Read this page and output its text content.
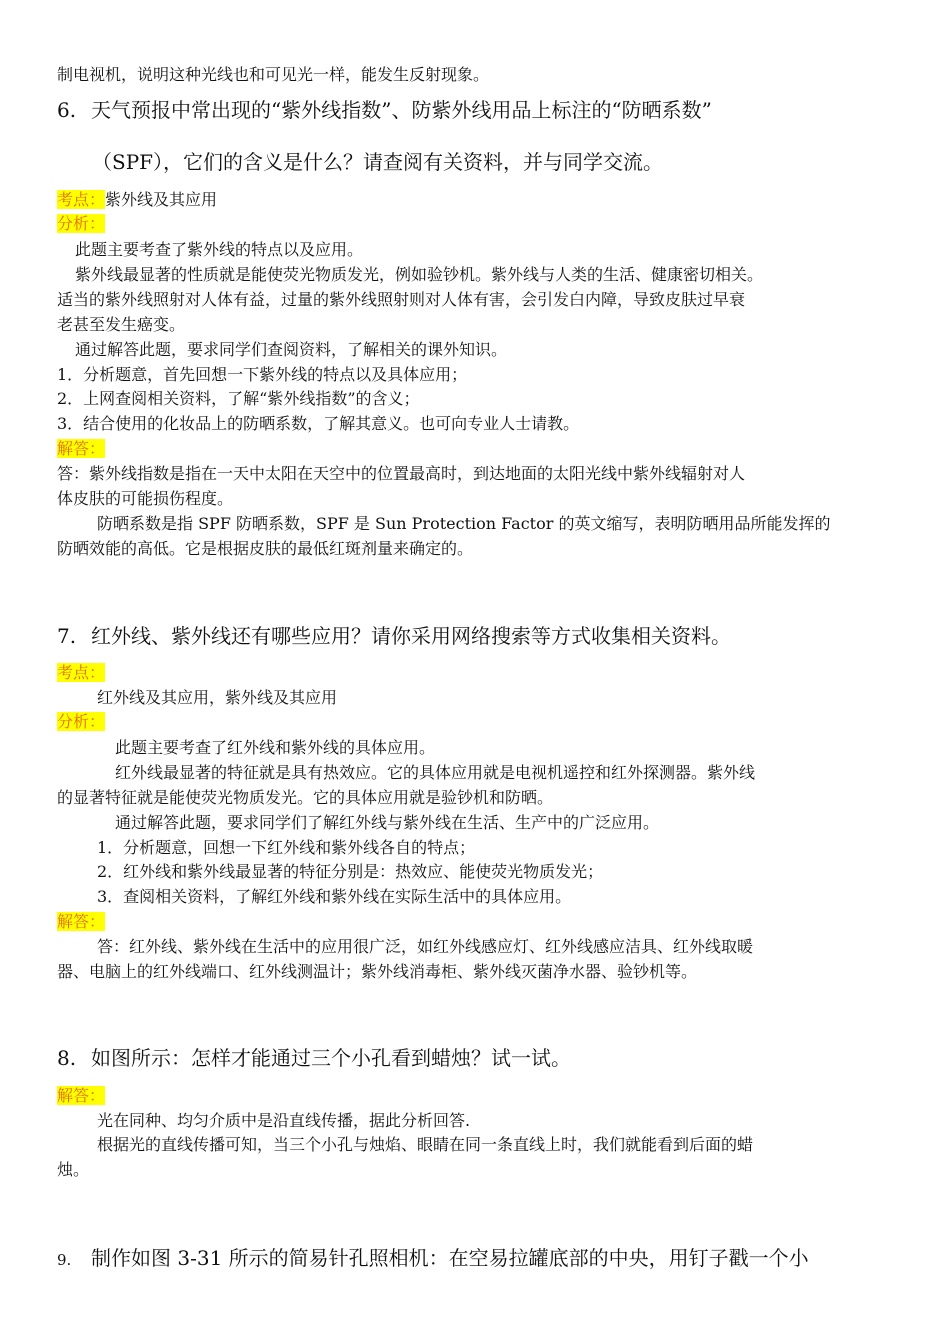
制电视机，说明这种光线也和可见光一样，能发生反射现象。
6. 天气预报中常出现的“紫外线指数”、防紫外线用品上标注的“防晒系数”
（SPF），它们的含义是什么？请查阅有关资料，并与同学交流。
考点：紫外线及其应用
分析：
此题主要考查了紫外线的特点以及应用。
紫外线最显著的性质就是能使荧光物质发光，例如验钞机。紫外线与人类的生活、健康密切相关。
适当的紫外线照射对人体有益，过量的紫外线照射则对人体有害，会引发白内障，导致皮肤过早衰
老甚至发生癌变。
通过解答此题，要求同学们查阅资料，了解相关的课外知识。
1．分析题意，首先回想一下紫外线的特点以及具体应用；
2．上网查阅相关资料，了解“紫外线指数”的含义；
3．结合使用的化妆品上的防晒系数，了解其意义。也可向专业人士请教。
解答：
答：紫外线指数是指在一天中太阳在天空中的位置最高时，到达地面的太阳光线中紫外线辐射对人
体皮肤的可能损伤程度。
防晒系数是指 SPF 防晒系数，SPF 是 Sun Protection Factor 的英文缩写，表明防晒用品所能发挥的
防晒效能的高低。它是根据皮肤的最低红斑剂量来确定的。
7. 红外线、紫外线还有哪些应用？请你采用网络搜索等方式收集相关资料。
考点：
红外线及其应用，紫外线及其应用
分析：
此题主要考查了红外线和紫外线的具体应用。
红外线最显著的特征就是具有热效应。它的具体应用就是电视机遥控和红外探测器。紫外线
的显著特征就是能使荧光物质发光。它的具体应用就是验钞机和防晒。
通过解答此题，要求同学们了解红外线与紫外线在生活、生产中的广泛应用。
1．分析题意，回想一下红外线和紫外线各自的特点；
2．红外线和紫外线最显著的特征分别是：热效应、能使荧光物质发光；
3．查阅相关资料，了解红外线和紫外线在实际生活中的具体应用。
解答：
答：红外线、紫外线在生活中的应用很广泛，如红外线感应灯、红外线感应洁具、红外线取暖
器、电脑上的红外线端口、红外线测温计；紫外线消毒柜、紫外线灭菌净水器、验钞机等。
8. 如图所示：怎样才能通过三个小孔看到蜡烛？试一试。
解答：
光在同种、均匀介质中是沿直线传播，据此分析回答.
根据光的直线传播可知，当三个小孔与烛焰、眼睛在同一条直线上时，我们就能看到后面的蜡
烛。
9. 制作如图 3-31 所示的简易针孔照相机：在空易拉罐底部的中央，用钉子戳一个小
